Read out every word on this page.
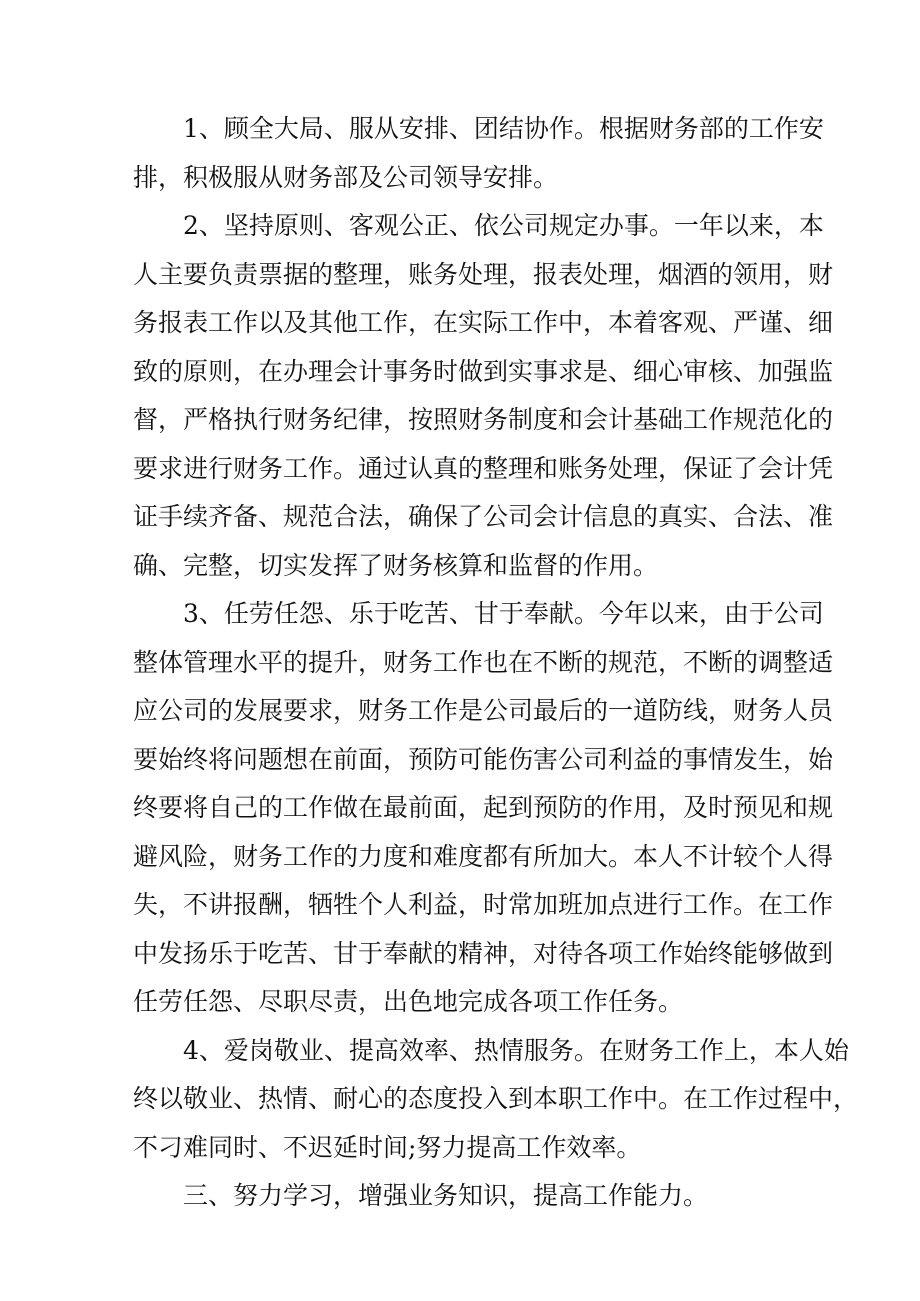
1、顾全大局、服从安排、团结协作。根据财务部的工作安
排，积极服从财务部及公司领导安排。
2、坚持原则、客观公正、依公司规定办事。一年以来，本
人主要负责票据的整理，账务处理，报表处理，烟酒的领用，财
务报表工作以及其他工作，在实际工作中，本着客观、严谨、细
致的原则，在办理会计事务时做到实事求是、细心审核、加强监
督，严格执行财务纪律，按照财务制度和会计基础工作规范化的
要求进行财务工作。通过认真的整理和账务处理，保证了会计凭
证手续齐备、规范合法，确保了公司会计信息的真实、合法、准
确、完整，切实发挥了财务核算和监督的作用。
3、任劳任怨、乐于吃苦、甘于奉献。今年以来，由于公司
整体管理水平的提升，财务工作也在不断的规范，不断的调整适
应公司的发展要求，财务工作是公司最后的一道防线，财务人员
要始终将问题想在前面，预防可能伤害公司利益的事情发生，始
终要将自己的工作做在最前面，起到预防的作用，及时预见和规
避风险，财务工作的力度和难度都有所加大。本人不计较个人得
失，不讲报酬，牺牲个人利益，时常加班加点进行工作。在工作
中发扬乐于吃苦、甘于奉献的精神，对待各项工作始终能够做到
任劳任怨、尽职尽责，出色地完成各项工作任务。
4、爱岗敬业、提高效率、热情服务。在财务工作上，本人始
终以敬业、热情、耐心的态度投入到本职工作中。在工作过程中，
不刁难同时、不迟延时间;努力提高工作效率。
三、努力学习，增强业务知识，提高工作能力。
